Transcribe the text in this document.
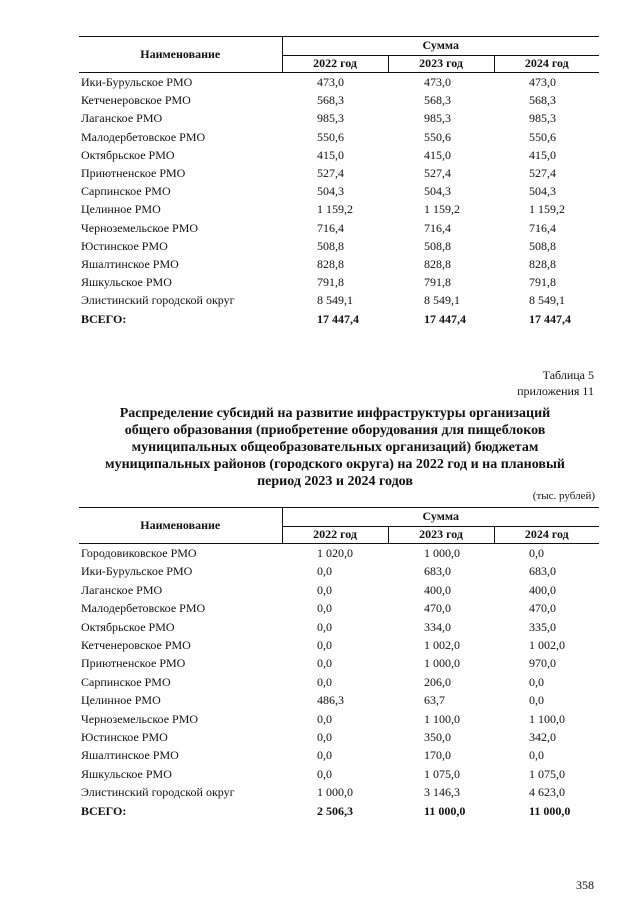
Наименование	Сумма		
	2022 год	2023 год	2024 год
Ики-Бурульское РМО	473,0	473,0	473,0
Кетченеровское РМО	568,3	568,3	568,3
Лаганское РМО	985,3	985,3	985,3
Малодербетовское РМО	550,6	550,6	550,6
Октябрьское РМО	415,0	415,0	415,0
Приютненское РМО	527,4	527,4	527,4
Сарпинское РМО	504,3	504,3	504,3
Целинное РМО	1 159,2	1 159,2	1 159,2
Черноземельское РМО	716,4	716,4	716,4
Юстинское РМО	508,8	508,8	508,8
Яшалтинское РМО	828,8	828,8	828,8
Яшкульское РМО	791,8	791,8	791,8
Элистинский городской округ	8 549,1	8 549,1	8 549,1
ВСЕГО:	17 447,4	17 447,4	17 447,4
Таблица 5
приложения 11
Распределение субсидий на развитие инфраструктуры организаций
общего образования (приобретение оборудования для пищеблоков
муниципальных общеобразовательных организаций) бюджетам
муниципальных районов (городского округа) на 2022 год и на плановый
период 2023 и 2024 годов
(тыс. рублей)
Наименование	Сумма		
	2022 год	2023 год	2024 год
Городовиковское РМО	1 020,0	1 000,0	0,0
Ики-Бурульское РМО	0,0	683,0	683,0
Лаганское РМО	0,0	400,0	400,0
Малодербетовское РМО	0,0	470,0	470,0
Октябрьское РМО	0,0	334,0	335,0
Кетченеровское РМО	0,0	1 002,0	1 002,0
Приютненское РМО	0,0	1 000,0	970,0
Сарпинское РМО	0,0	206,0	0,0
Целинное РМО	486,3	63,7	0,0
Черноземельское РМО	0,0	1 100,0	1 100,0
Юстинское РМО	0,0	350,0	342,0
Яшалтинское РМО	0,0	170,0	0,0
Яшкульское РМО	0,0	1 075,0	1 075,0
Элистинский городской округ	1 000,0	3 146,3	4 623,0
ВСЕГО:	2 506,3	11 000,0	11 000,0
358
